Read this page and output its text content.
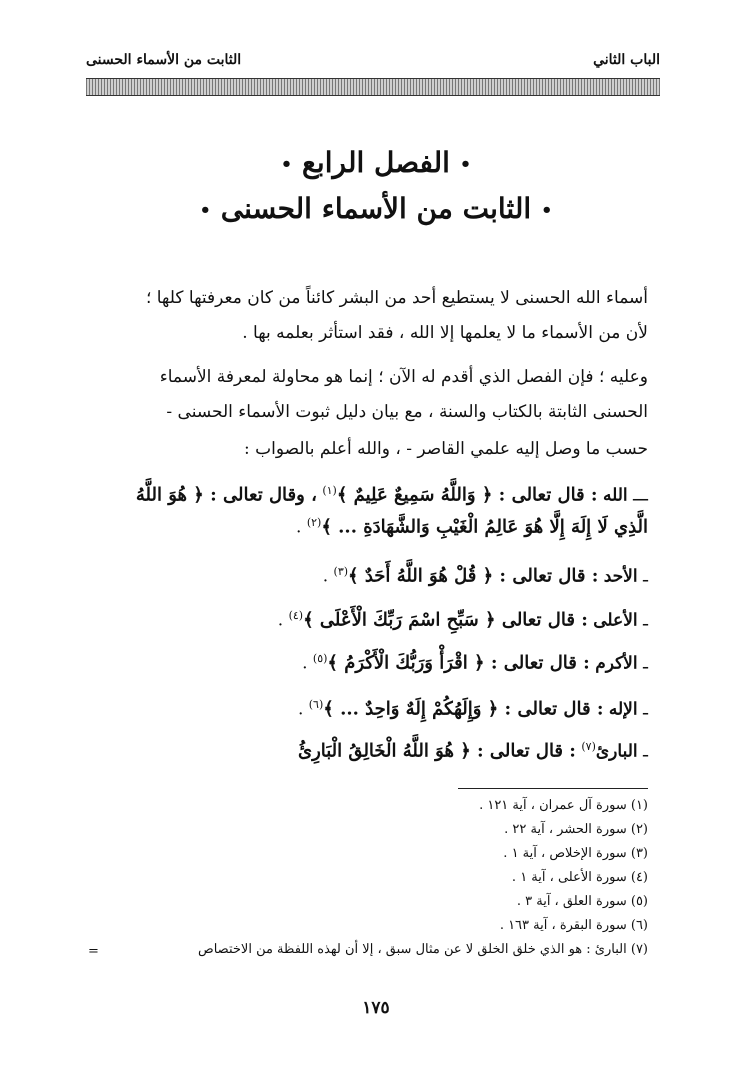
الباب الثاني
الثابت من الأسماء الحسنى
• الفصل الرابع •
• الثابت من الأسماء الحسنى •
أسماء الله الحسنى لا يستطيع أحد من البشر كائناً من كان معرفتها كلها ؛
لأن من الأسماء ما لا يعلمها إلا الله ، فقد استأثر بعلمه بها .
وعليه ؛ فإن الفصل الذي أقدم له الآن ؛ إنما هو محاولة لمعرفة الأسماء
الحسنى الثابتة بالكتاب والسنة ، مع بيان دليل ثبوت الأسماء الحسنى -
حسب ما وصل إليه علمي القاصر - ، والله أعلم بالصواب :
ـــ الله : قال تعالى : ﴿ وَاللَّهُ سَمِيعٌ عَلِيمٌ ﴾$^{(١)}$ ، وقال تعالى : ﴿ هُوَ اللَّهُ
الَّذِي لَا إِلَهَ إِلَّا هُوَ عَالِمُ الْغَيْبِ وَالشَّهَادَةِ ... ﴾$^{(٢)}$ .
ـ الأحد : قال تعالى : ﴿ قُلْ هُوَ اللَّهُ أَحَدٌ ﴾$^{(٣)}$ .
ـ الأعلى : قال تعالى ﴿ سَبِّحِ اسْمَ رَبِّكَ الْأَعْلَى ﴾$^{(٤)}$ .
ـ الأكرم : قال تعالى : ﴿ اقْرَأْ وَرَبُّكَ الْأَكْرَمُ ﴾$^{(٥)}$ .
ـ الإله : قال تعالى : ﴿ وَإِلَهُكُمْ إِلَهٌ وَاحِدٌ ... ﴾$^{(٦)}$ .
ـ البارئ$^{(٧)}$ : قال تعالى : ﴿ هُوَ اللَّهُ الْخَالِقُ الْبَارِئُ
(١) سورة آل عمران ، آية ١٢١ .
(٢) سورة الحشر ، آية ٢٢ .
(٣) سورة الإخلاص ، آية ١ .
(٤) سورة الأعلى ، آية ١ .
(٥) سورة العلق ، آية ٣ .
(٦) سورة البقرة ، آية ١٦٣ .
(٧) البارئ : هو الذي خلق الخلق لا عن مثال سبق ، إلا أن لهذه اللفظة من الاختصاص
=
١٧٥
